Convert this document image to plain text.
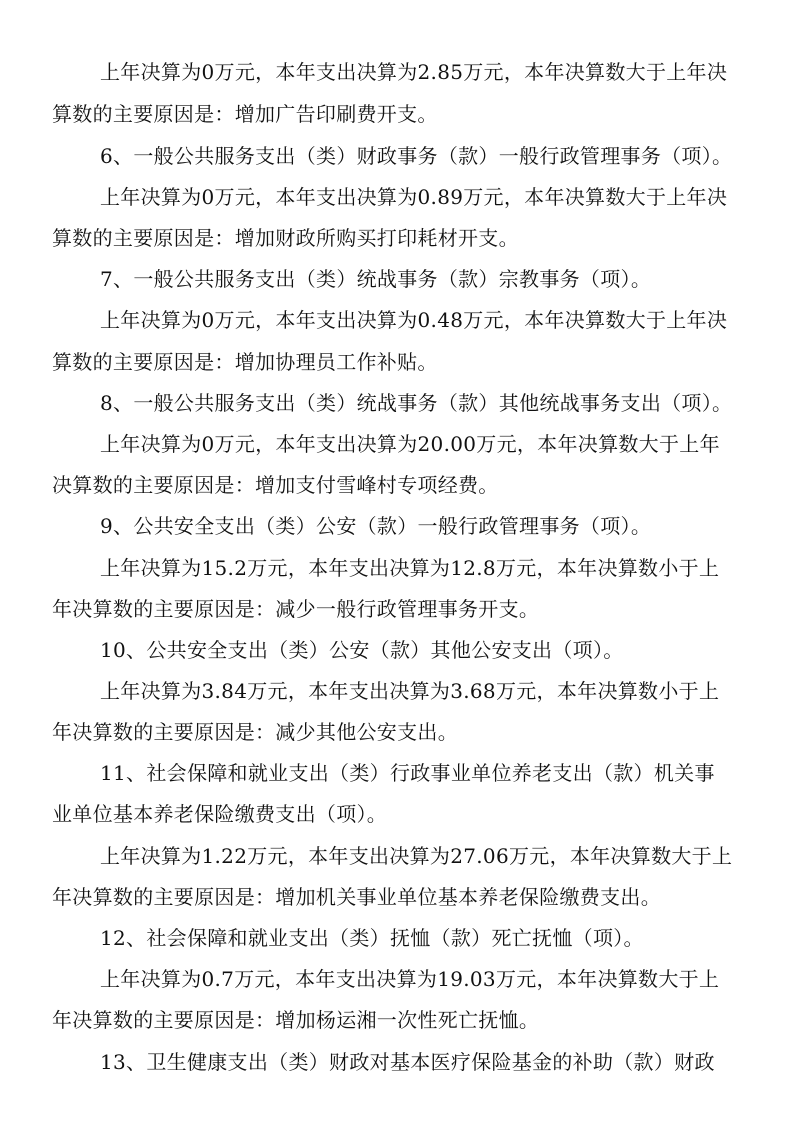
上年决算为0万元，本年支出决算为2.85万元，本年决算数大于上年决
算数的主要原因是：增加广告印刷费开支。
6、一般公共服务支出（类）财政事务（款）一般行政管理事务（项）。
上年决算为0万元，本年支出决算为0.89万元，本年决算数大于上年决
算数的主要原因是：增加财政所购买打印耗材开支。
7、一般公共服务支出（类）统战事务（款）宗教事务（项）。
上年决算为0万元，本年支出决算为0.48万元，本年决算数大于上年决
算数的主要原因是：增加协理员工作补贴。
8、一般公共服务支出（类）统战事务（款）其他统战事务支出（项）。
上年决算为0万元，本年支出决算为20.00万元，本年决算数大于上年
决算数的主要原因是：增加支付雪峰村专项经费。
9、公共安全支出（类）公安（款）一般行政管理事务（项）。
上年决算为15.2万元，本年支出决算为12.8万元，本年决算数小于上
年决算数的主要原因是：减少一般行政管理事务开支。
10、公共安全支出（类）公安（款）其他公安支出（项）。
上年决算为3.84万元，本年支出决算为3.68万元，本年决算数小于上
年决算数的主要原因是：减少其他公安支出。
11、社会保障和就业支出（类）行政事业单位养老支出（款）机关事
业单位基本养老保险缴费支出（项）。
上年决算为1.22万元，本年支出决算为27.06万元，本年决算数大于上
年决算数的主要原因是：增加机关事业单位基本养老保险缴费支出。
12、社会保障和就业支出（类）抚恤（款）死亡抚恤（项）。
上年决算为0.7万元，本年支出决算为19.03万元，本年决算数大于上
年决算数的主要原因是：增加杨运湘一次性死亡抚恤。
13、卫生健康支出（类）财政对基本医疗保险基金的补助（款）财政
